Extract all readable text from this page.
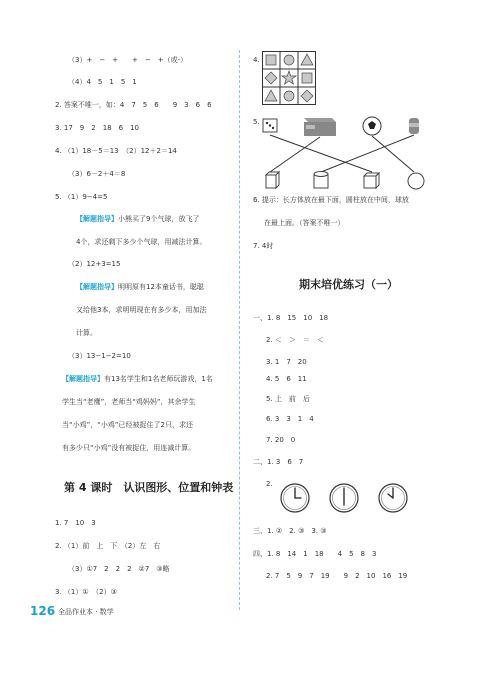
（3）+　−　+　　+　−　+（或-）
（4）4　5　1　5　1
2. 答案不唯一，如：4　7　5　6　　9　3　6　6
3. 17　9　2　18　6　10
4. （1）18－5＝13　（2）12＋2＝14
（3）6－2＋4＝8
5. （1）9−4=5
【解题指导】小熊买了9个气球，放飞了
4个，求还剩下多少个气球，用减法计算。
（2）12+3=15
【解题指导】明明原有12本童话书，聪聪
又给他3本，求明明现在有多少本，用加法
计算。
（3）13−1−2=10
【解题指导】有13名学生和1名老师玩游戏，1名
学生当“老鹰”，老师当“鸡妈妈”，其余学生
当“小鸡”，“小鸡”已经被捉住了2只，求还
有多少只“小鸡”没有被捉住，用连减计算。
第 4 课时　认识图形、位置和钟表
1. 7　10　3
2. （1）前　上　下　（2）左　右
（3）①7　2　2　2　②7　③略
3. （1）①　（2）③
4.
5.
6. 提示：长方体放在最下面，圆柱放在中间，球放
在最上面。（答案不唯一）
7. 4时
期末培优练习（一）
一、1. 8　15　10　18
2. ＜　＞　＝　＜
3. 1　7　20
4. 5　6　11
5. 上　前　后
6. 3　3　1　4
7. 20　0
二、1. 3　6　7
2.
三、1. ②　2. ③　3. ③
四、1. 8　14　1　18　　4　5　8　3
2. 7　5　9　7　19　　9　2　10　16　19
126 全品作业本 · 数学
